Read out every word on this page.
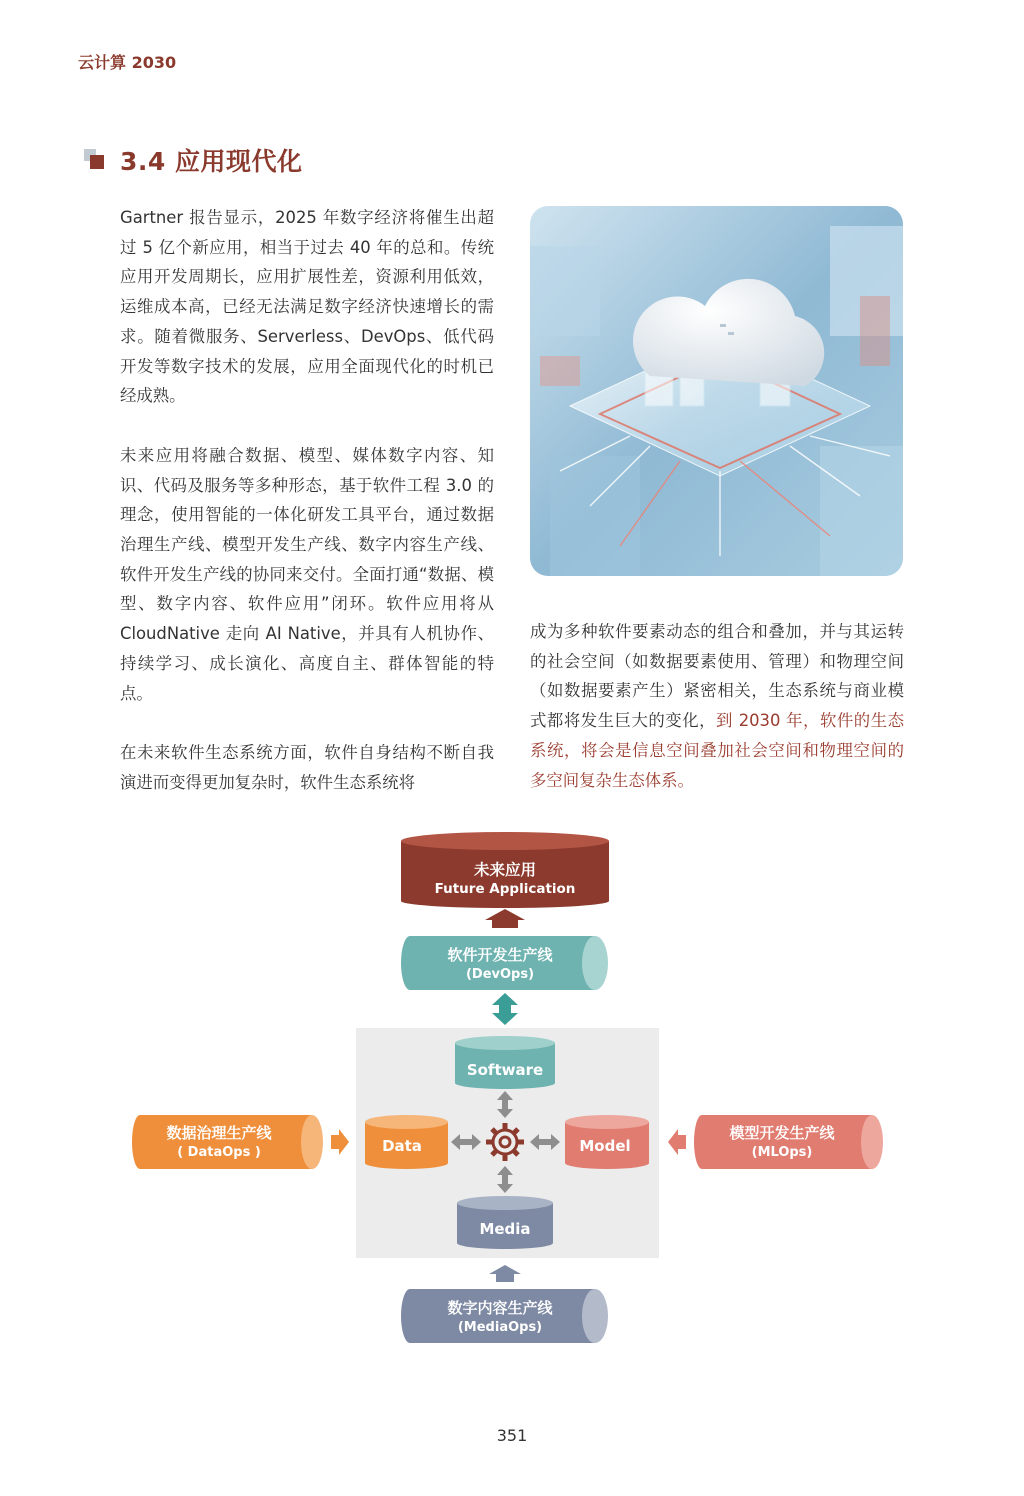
云计算 2030
3.4 应用现代化

Gartner 报告显示，2025 年数字经济将催生出超过 5 亿个新应用，相当于过去 40 年的总和。传统应用开发周期长，应用扩展性差，资源利用低效，运维成本高，已经无法满足数字经济快速增长的需求。随着微服务、Serverless、DevOps、低代码开发等数字技术的发展，应用全面现代化的时机已经成熟。

未来应用将融合数据、模型、媒体数字内容、知识、代码及服务等多种形态，基于软件工程 3.0 的理念，使用智能的一体化研发工具平台，通过数据治理生产线、模型开发生产线、数字内容生产线、软件开发生产线的协同来交付。全面打通“数据、模型、数字内容、软件应用”闭环。软件应用将从 CloudNative 走向 AI Native，并具有人机协作、持续学习、成长演化、高度自主、群体智能的特点。

在未来软件生态系统方面，软件自身结构不断自我演进而变得更加复杂时，软件生态系统将

成为多种软件要素动态的组合和叠加，并与其运转的社会空间（如数据要素使用、管理）和物理空间（如数据要素产生）紧密相关，生态系统与商业模式都将发生巨大的变化，到 2030 年，软件的生态系统，将会是信息空间叠加社会空间和物理空间的多空间复杂生态体系。

未来应用
Future Application
软件开发生产线
(DevOps)
Software
Data	Model
Media
数据治理生产线
( DataOps )
模型开发生产线
(MLOps)
数字内容生产线
(MediaOps)
351
